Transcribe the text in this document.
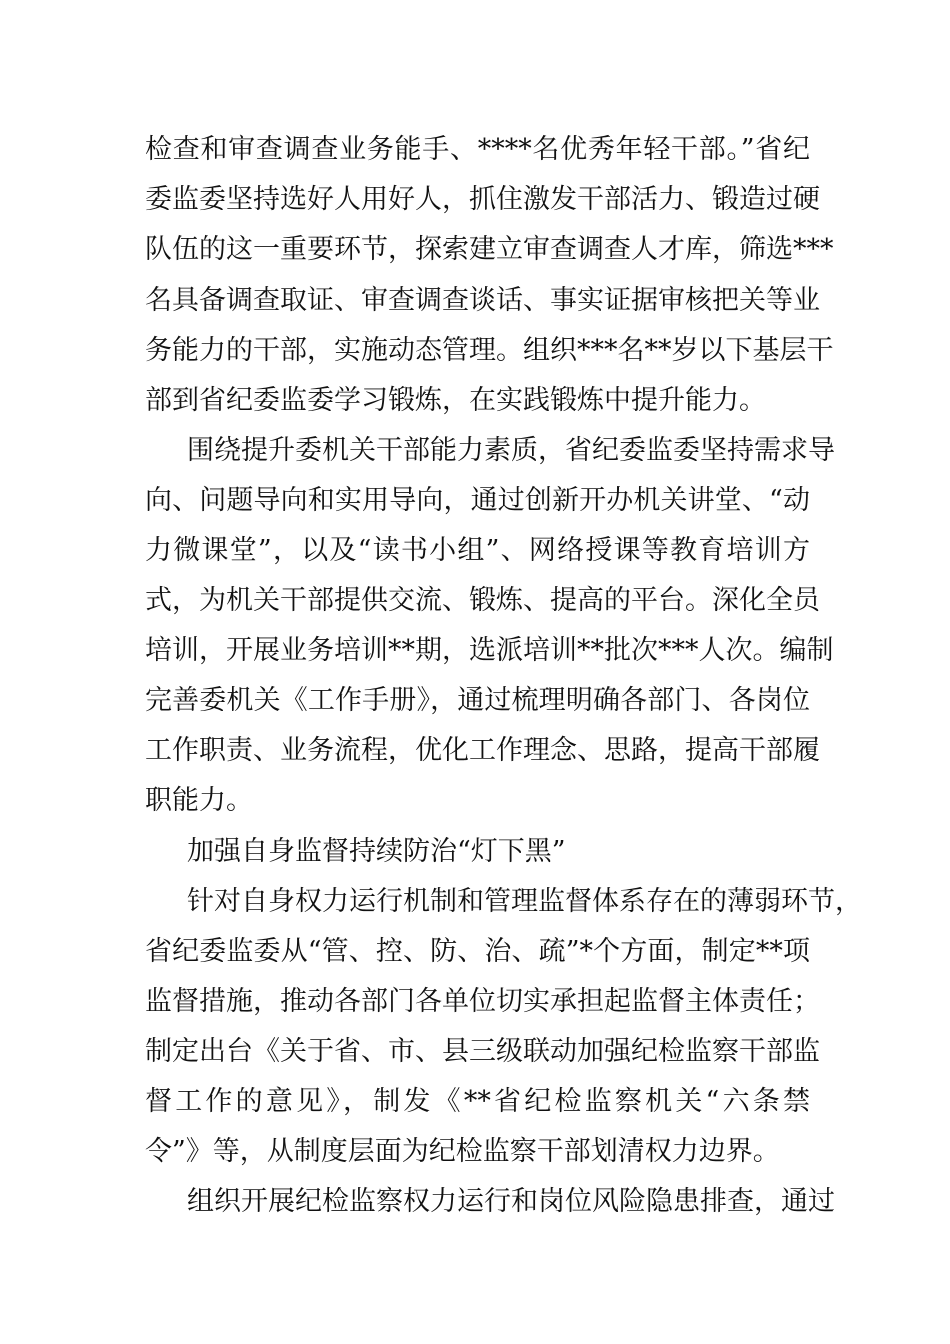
检查和审查调查业务能手、****名优秀年轻干部。”省纪
委监委坚持选好人用好人，抓住激发干部活力、锻造过硬
队伍的这一重要环节，探索建立审查调查人才库，筛选***
名具备调查取证、审查调查谈话、事实证据审核把关等业
务能力的干部，实施动态管理。组织***名**岁以下基层干
部到省纪委监委学习锻炼，在实践锻炼中提升能力。
围绕提升委机关干部能力素质，省纪委监委坚持需求导
向、问题导向和实用导向，通过创新开办机关讲堂、“动
力微课堂”，以及“读书小组”、网络授课等教育培训方
式，为机关干部提供交流、锻炼、提高的平台。深化全员
培训，开展业务培训**期，选派培训**批次***人次。编制
完善委机关《工作手册》，通过梳理明确各部门、各岗位
工作职责、业务流程，优化工作理念、思路，提高干部履
职能力。
加强自身监督持续防治“灯下黑”
针对自身权力运行机制和管理监督体系存在的薄弱环节，
省纪委监委从“管、控、防、治、疏”*个方面，制定**项
监督措施，推动各部门各单位切实承担起监督主体责任；
制定出台《关于省、市、县三级联动加强纪检监察干部监
督工作的意见》，制发《**省纪检监察机关“六条禁
令”》等，从制度层面为纪检监察干部划清权力边界。
组织开展纪检监察权力运行和岗位风险隐患排查，通过
